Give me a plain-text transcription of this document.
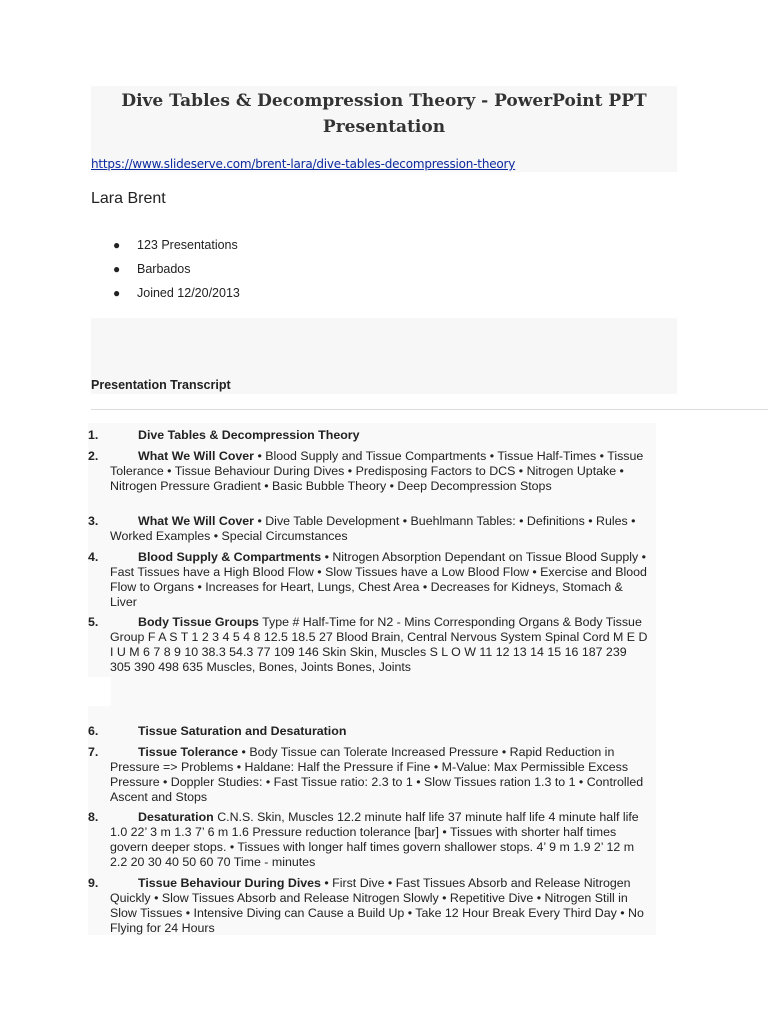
Dive Tables & Decompression Theory - PowerPoint PPT Presentation
https://www.slideserve.com/brent-lara/dive-tables-decompression-theory
Lara Brent
● 123 Presentations
● Barbados
● Joined 12/20/2013
Presentation Transcript
1.	Dive Tables & Decompression Theory
2.	What We Will Cover • Blood Supply and Tissue Compartments • Tissue Half-Times • Tissue Tolerance • Tissue Behaviour During Dives • Predisposing Factors to DCS • Nitrogen Uptake • Nitrogen Pressure Gradient • Basic Bubble Theory • Deep Decompression Stops
3.	What We Will Cover • Dive Table Development • Buehlmann Tables: • Definitions • Rules • Worked Examples • Special Circumstances
4.	Blood Supply & Compartments • Nitrogen Absorption Dependant on Tissue Blood Supply • Fast Tissues have a High Blood Flow • Slow Tissues have a Low Blood Flow • Exercise and Blood Flow to Organs • Increases for Heart, Lungs, Chest Area • Decreases for Kidneys, Stomach & Liver
5.	Body Tissue Groups Type # Half-Time for N2 - Mins Corresponding Organs & Body Tissue Group F A S T 1 2 3 4 5 4 8 12.5 18.5 27 Blood Brain, Central Nervous System Spinal Cord M E D I U M 6 7 8 9 10 38.3 54.3 77 109 146 Skin Skin, Muscles S L O W 11 12 13 14 15 16 187 239 305 390 498 635 Muscles, Bones, Joints Bones, Joints
6.	Tissue Saturation and Desaturation
7.	Tissue Tolerance • Body Tissue can Tolerate Increased Pressure • Rapid Reduction in Pressure => Problems • Haldane: Half the Pressure if Fine • M-Value: Max Permissible Excess Pressure • Doppler Studies: • Fast Tissue ratio: 2.3 to 1 • Slow Tissues ration 1.3 to 1 • Controlled Ascent and Stops
8.	Desaturation C.N.S. Skin, Muscles 12.2 minute half life 37 minute half life 4 minute half life 1.0 22’ 3 m 1.3 7’ 6 m 1.6 Pressure reduction tolerance [bar] • Tissues with shorter half times govern deeper stops. • Tissues with longer half times govern shallower stops. 4’ 9 m 1.9 2’ 12 m 2.2 20 30 40 50 60 70 Time - minutes
9.	Tissue Behaviour During Dives • First Dive • Fast Tissues Absorb and Release Nitrogen Quickly • Slow Tissues Absorb and Release Nitrogen Slowly • Repetitive Dive • Nitrogen Still in Slow Tissues • Intensive Diving can Cause a Build Up • Take 12 Hour Break Every Third Day • No Flying for 24 Hours
